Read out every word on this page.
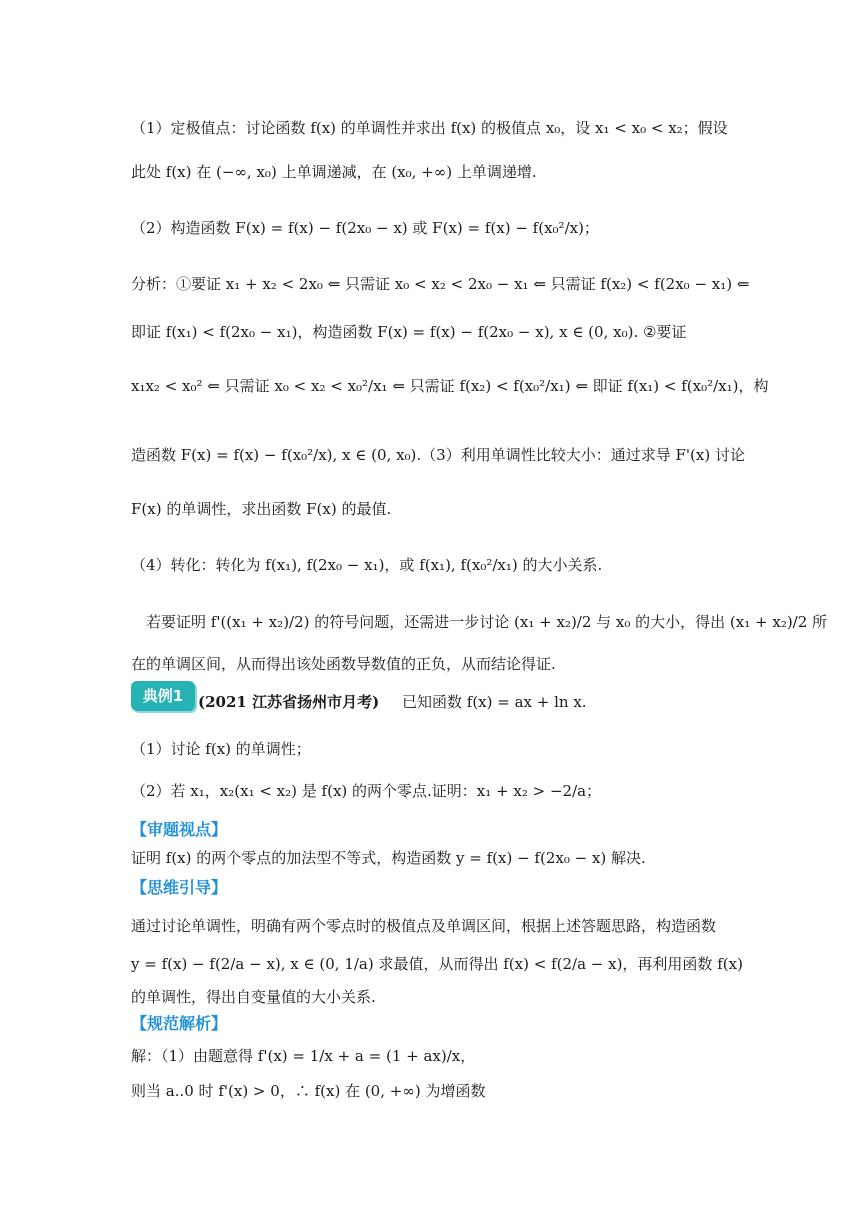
（1）定极值点：讨论函数 f(x) 的单调性并求出 f(x) 的极值点 x₀，设 x₁ < x₀ < x₂；假设
此处 f(x) 在 (−∞, x₀) 上单调递减，在 (x₀, +∞) 上单调递增.
（2）构造函数 F(x) = f(x) − f(2x₀ − x) 或 F(x) = f(x) − f(x₀²/x)；
分析：①要证 x₁ + x₂ < 2x₀ ⇐ 只需证 x₀ < x₂ < 2x₀ − x₁ ⇐ 只需证 f(x₂) < f(2x₀ − x₁) ⇐
即证 f(x₁) < f(2x₀ − x₁)，构造函数 F(x) = f(x) − f(2x₀ − x), x ∈ (0, x₀). ②要证
x₁x₂ < x₀² ⇐ 只需证 x₀ < x₂ < x₀²/x₁ ⇐ 只需证 f(x₂) < f(x₀²/x₁) ⇐ 即证 f(x₁) < f(x₀²/x₁)，构
造函数 F(x) = f(x) − f(x₀²/x), x ∈ (0, x₀).（3）利用单调性比较大小：通过求导 F'(x) 讨论
F(x) 的单调性，求出函数 F(x) 的最值.
（4）转化：转化为 f(x₁), f(2x₀ − x₁)，或 f(x₁), f(x₀²/x₁) 的大小关系.
若要证明 f'((x₁ + x₂)/2) 的符号问题，还需进一步讨论 (x₁ + x₂)/2 与 x₀ 的大小，得出 (x₁ + x₂)/2 所
在的单调区间，从而得出该处函数导数值的正负，从而结论得证.
典例1 (2021 江苏省扬州市月考) 已知函数 f(x) = ax + ln x.
（1）讨论 f(x) 的单调性；
（2）若 x₁，x₂(x₁ < x₂) 是 f(x) 的两个零点.证明：x₁ + x₂ > −2/a；
【审题视点】
证明 f(x) 的两个零点的加法型不等式，构造函数 y = f(x) − f(2x₀ − x) 解决.
【思维引导】
通过讨论单调性，明确有两个零点时的极值点及单调区间，根据上述答题思路，构造函数
y = f(x) − f(2/a − x), x ∈ (0, 1/a) 求最值，从而得出 f(x) < f(2/a − x)，再利用函数 f(x)
的单调性，得出自变量值的大小关系.
【规范解析】
解：（1）由题意得 f'(x) = 1/x + a = (1 + ax)/x，
则当 a..0 时 f'(x) > 0，∴ f(x) 在 (0, +∞) 为增函数
